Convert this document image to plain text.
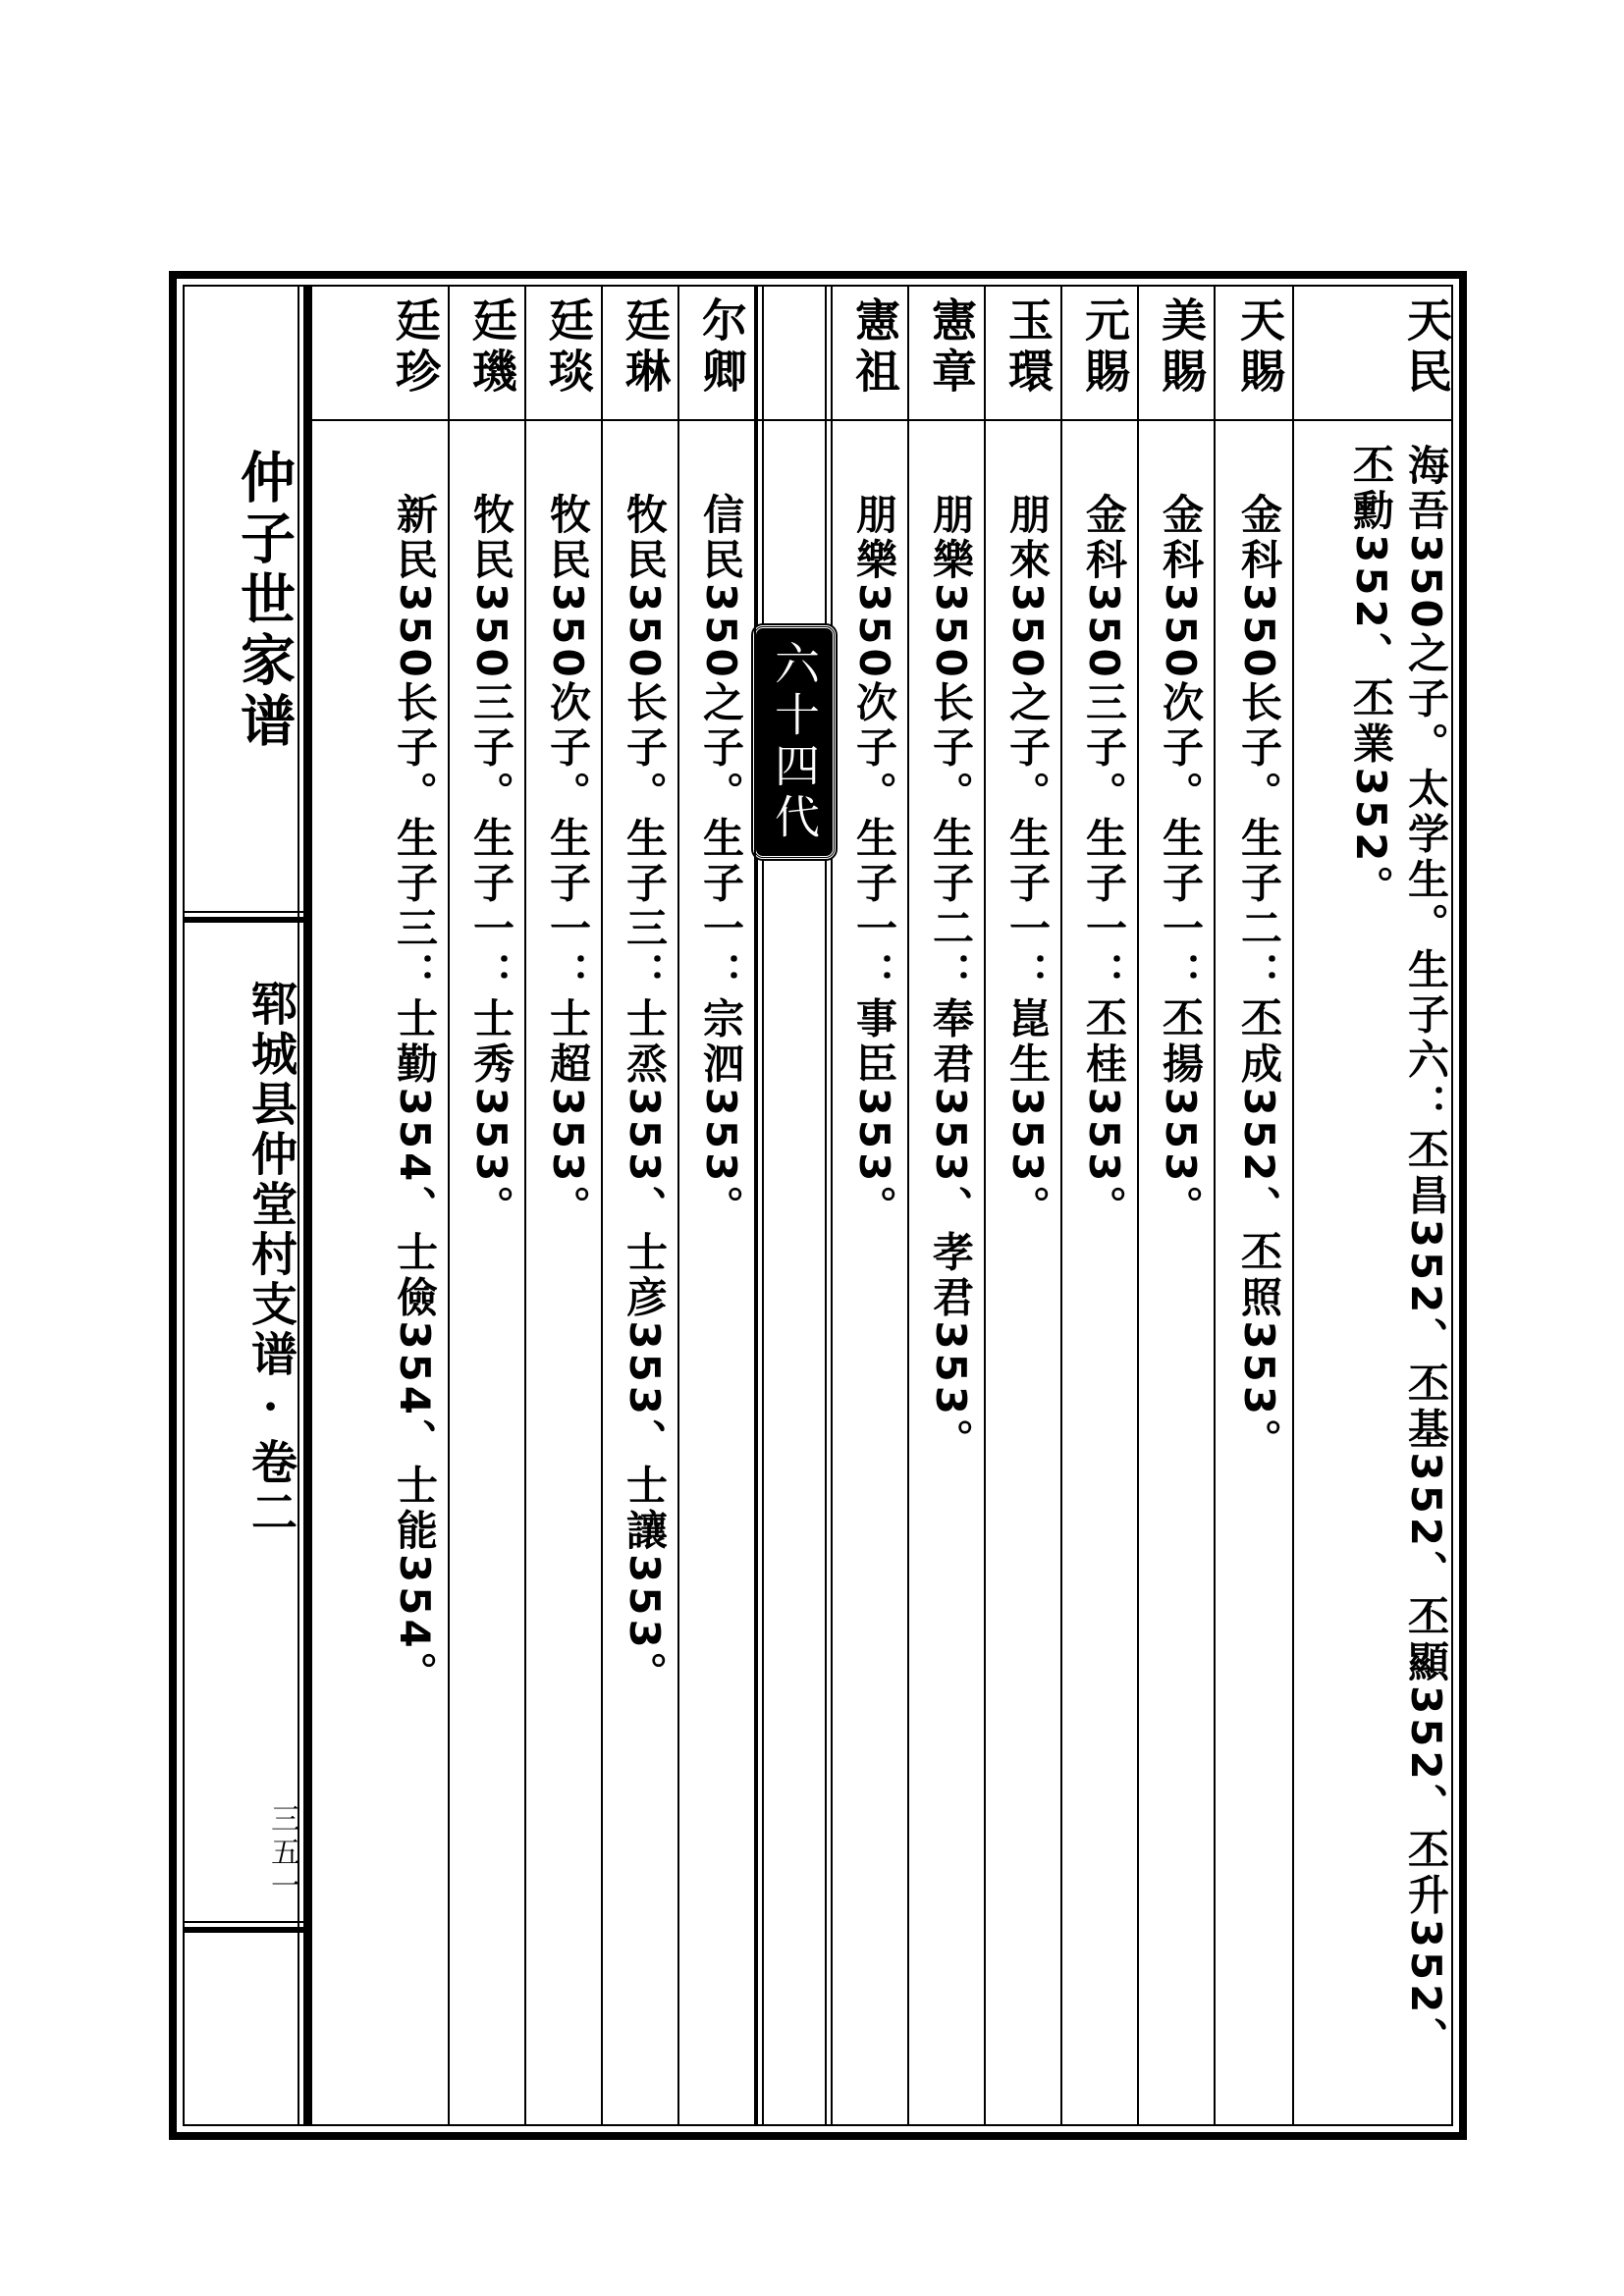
仲子世家谱
郓城县仲堂村支谱·卷二
三五一
天民
海吾350之子。太学生。生子六：丕昌352、丕基352、丕顯352、丕升352、
丕勳352、丕業352。
天賜
金科350长子。生子二：丕成352、丕照353。
美賜
金科350次子。生子一：丕揚353。
元賜
金科350三子。生子一：丕桂353。
玉環
朋來350之子。生子一：崑生353。
憲章
朋樂350长子。生子二：奉君353、孝君353。
憲祖
朋樂350次子。生子一：事臣353。
六十四代
尔卿
信民350之子。生子一：宗泗353。
廷琳
牧民350长子。生子三：士烝353、士彦353、士讓353。
廷琰
牧民350次子。生子一：士超353。
廷璣
牧民350三子。生子一：士秀353。
廷珍
新民350长子。生子三：士勤354、士儉354、士能354。
